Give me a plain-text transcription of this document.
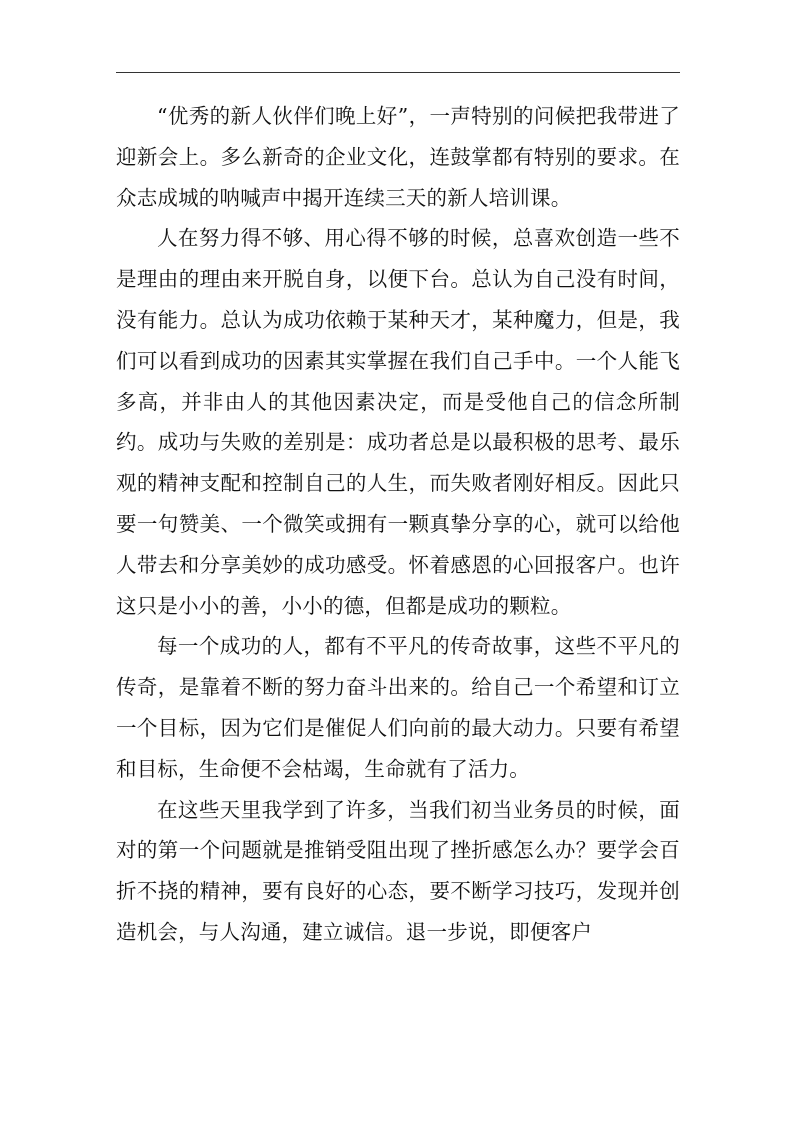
“优秀的新人伙伴们晚上好”，一声特别的问候把我带进了迎新会上。多么新奇的企业文化，连鼓掌都有特别的要求。在众志成城的呐喊声中揭开连续三天的新人培训课。

人在努力得不够、用心得不够的时候，总喜欢创造一些不是理由的理由来开脱自身，以便下台。总认为自己没有时间，没有能力。总认为成功依赖于某种天才，某种魔力，但是，我们可以看到成功的因素其实掌握在我们自己手中。一个人能飞多高，并非由人的其他因素决定，而是受他自己的信念所制约。成功与失败的差别是：成功者总是以最积极的思考、最乐观的精神支配和控制自己的人生，而失败者刚好相反。因此只要一句赞美、一个微笑或拥有一颗真挚分享的心，就可以给他人带去和分享美妙的成功感受。怀着感恩的心回报客户。也许这只是小小的善，小小的德，但都是成功的颗粒。

每一个成功的人，都有不平凡的传奇故事，这些不平凡的传奇，是靠着不断的努力奋斗出来的。给自己一个希望和订立一个目标，因为它们是催促人们向前的最大动力。只要有希望和目标，生命便不会枯竭，生命就有了活力。

在这些天里我学到了许多，当我们初当业务员的时候，面对的第一个问题就是推销受阻出现了挫折感怎么办？要学会百折不挠的精神，要有良好的心态，要不断学习技巧，发现并创造机会，与人沟通，建立诚信。退一步说，即便客户
